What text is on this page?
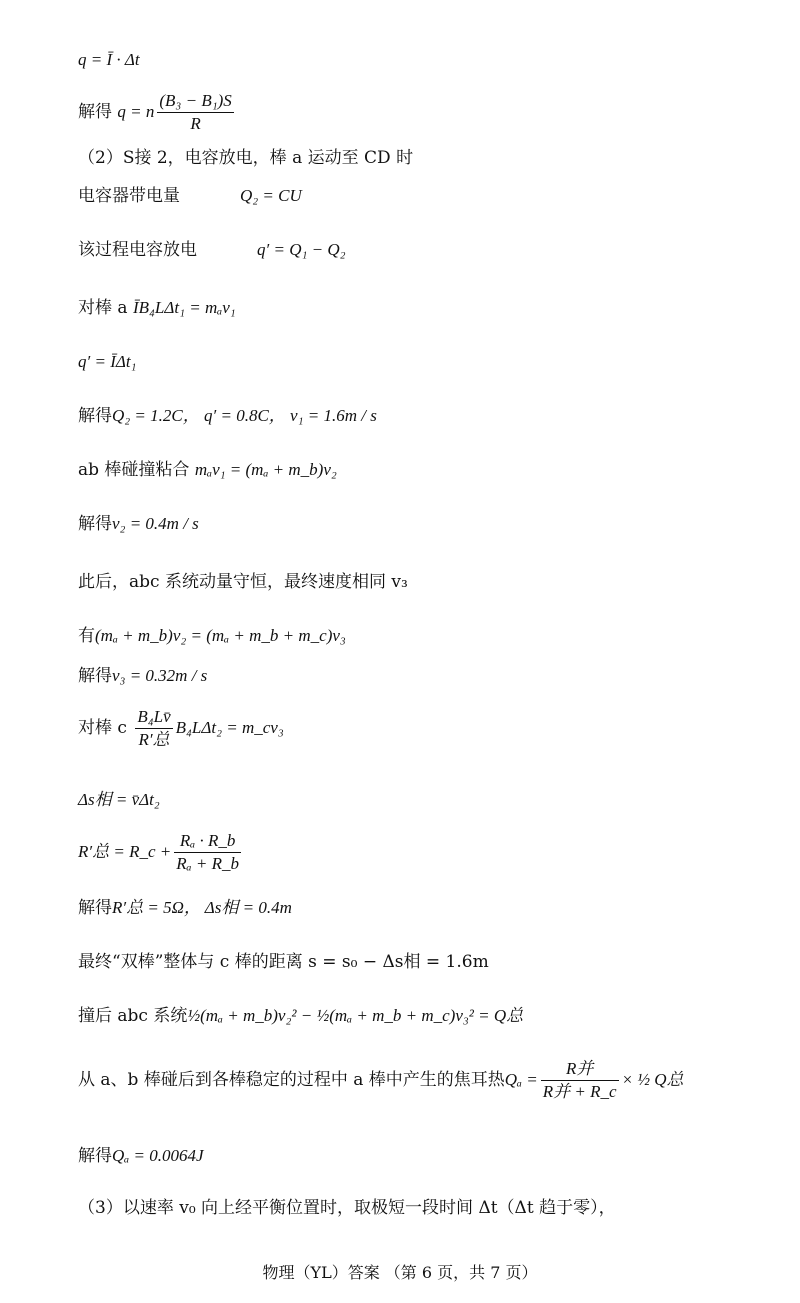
q = Ī · Δt
解得 q = n $\frac{\text{(B₃ − B₁)S}}{R}$
（2）S接 2，电容放电，棒 a 运动至 CD 时
电容器带电量	Q₂ = CU
该过程电容放电	q′ = Q₁ − Q₂
对棒 a ĪB₄LΔt₁ = mₐv₁
q′ = ĪΔt₁
解得Q₂ = 1.2C， q′ = 0.8C， v₁ = 1.6m / s
ab 棒碰撞粘合 mₐv₁ = (mₐ + m_b)v₂
解得v₂ = 0.4m / s
此后，abc 系统动量守恒，最终速度相同 v₃
有(mₐ + m_b)v₂ = (mₐ + m_b + m_c)v₃
解得v₃ = 0.32m / s
对棒 c $\frac{\text{B₄Lv̄}}{\text{R′总}} B_4L\Delta t_2$ = m_cv₃
Δs相 = v̄Δt₂
R′总 = R_c + $\frac{\text{Rₐ · R\_b}}{\text{Rₐ + R\_b}}$
解得R′总 = 5Ω， Δs相 = 0.4m
最终“双棒”整体与 c 棒的距离 s = s₀ − Δs相 = 1.6m
撞后 abc 系统½(mₐ + m_b)v₂² − ½(mₐ + m_b + m_c)v₃² = Q总
从 a、b 棒碰后到各棒稳定的过程中 a 棒中产生的焦耳热$Q_a = \frac{\text{R并}}{\text{R并 + R\_c}}$ × ½ Q总
解得Qₐ = 0.0064J
（3）以速率 v₀ 向上经平衡位置时，取极短一段时间 Δt（Δt 趋于零），
物理（YL）答案 （第 6 页，共 7 页）
